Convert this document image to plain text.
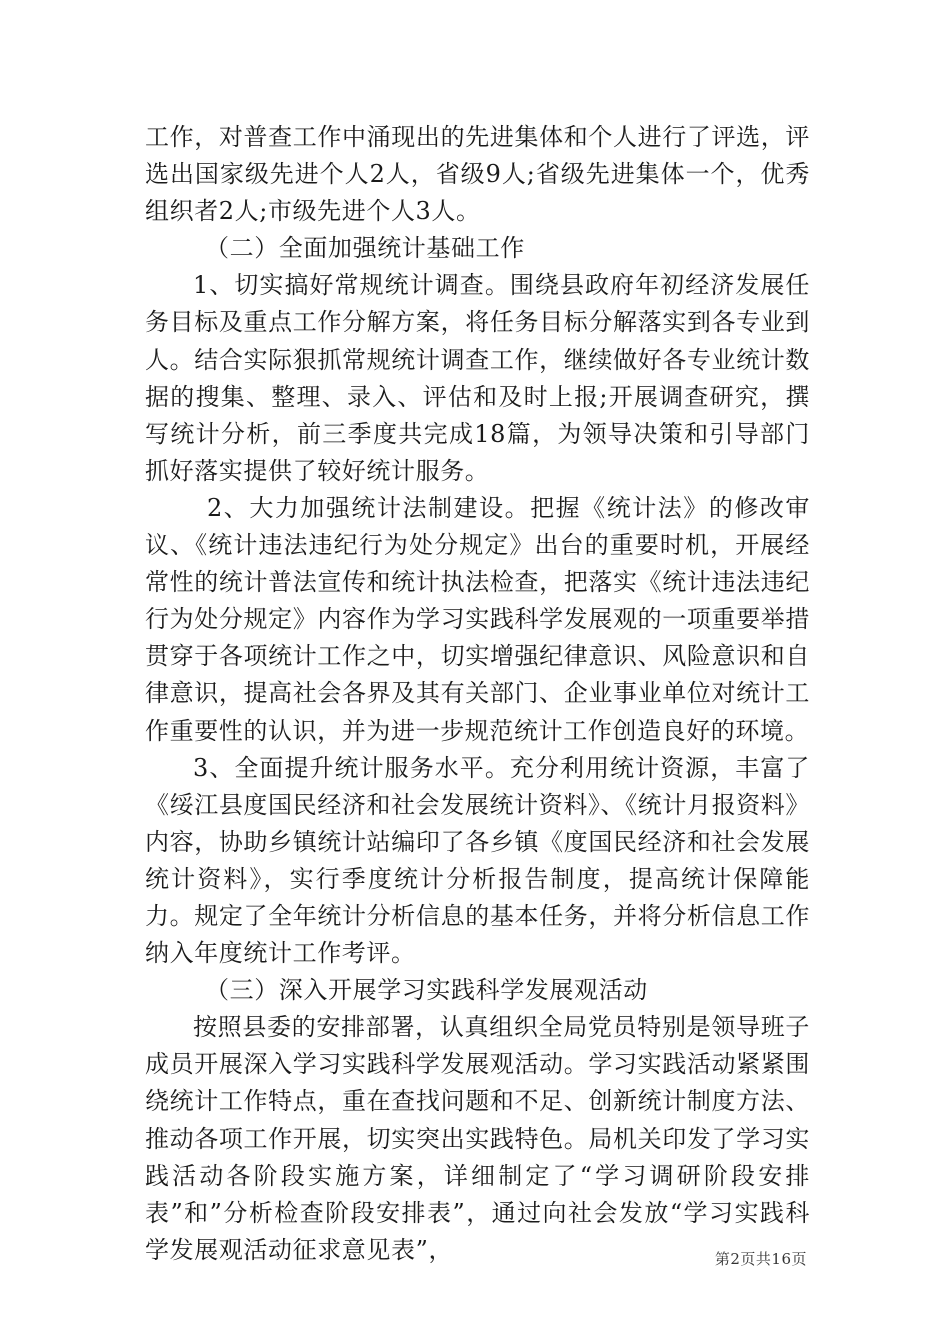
工作，对普查工作中涌现出的先进集体和个人进行了评选，评选出国家级先进个人2人，省级9人;省级先进集体一个，优秀组织者2人;市级先进个人3人。

（二）全面加强统计基础工作

1、切实搞好常规统计调查。围绕县政府年初经济发展任务目标及重点工作分解方案，将任务目标分解落实到各专业到人。结合实际狠抓常规统计调查工作，继续做好各专业统计数据的搜集、整理、录入、评估和及时上报;开展调查研究，撰写统计分析，前三季度共完成18篇，为领导决策和引导部门抓好落实提供了较好统计服务。

2、大力加强统计法制建设。把握《统计法》的修改审议、《统计违法违纪行为处分规定》出台的重要时机，开展经常性的统计普法宣传和统计执法检查，把落实《统计违法违纪行为处分规定》内容作为学习实践科学发展观的一项重要举措贯穿于各项统计工作之中，切实增强纪律意识、风险意识和自律意识，提高社会各界及其有关部门、企业事业单位对统计工作重要性的认识，并为进一步规范统计工作创造良好的环境。

3、全面提升统计服务水平。充分利用统计资源，丰富了《绥江县度国民经济和社会发展统计资料》、《统计月报资料》内容，协助乡镇统计站编印了各乡镇《度国民经济和社会发展统计资料》，实行季度统计分析报告制度，提高统计保障能力。规定了全年统计分析信息的基本任务，并将分析信息工作纳入年度统计工作考评。

（三）深入开展学习实践科学发展观活动

按照县委的安排部署，认真组织全局党员特别是领导班子成员开展深入学习实践科学发展观活动。学习实践活动紧紧围绕统计工作特点，重在查找问题和不足、创新统计制度方法、推动各项工作开展，切实突出实践特色。局机关印发了学习实践活动各阶段实施方案，详细制定了“学习调研阶段安排表”和”分析检查阶段安排表”，通过向社会发放“学习实践科学发展观活动征求意见表”，	第2页共16页
